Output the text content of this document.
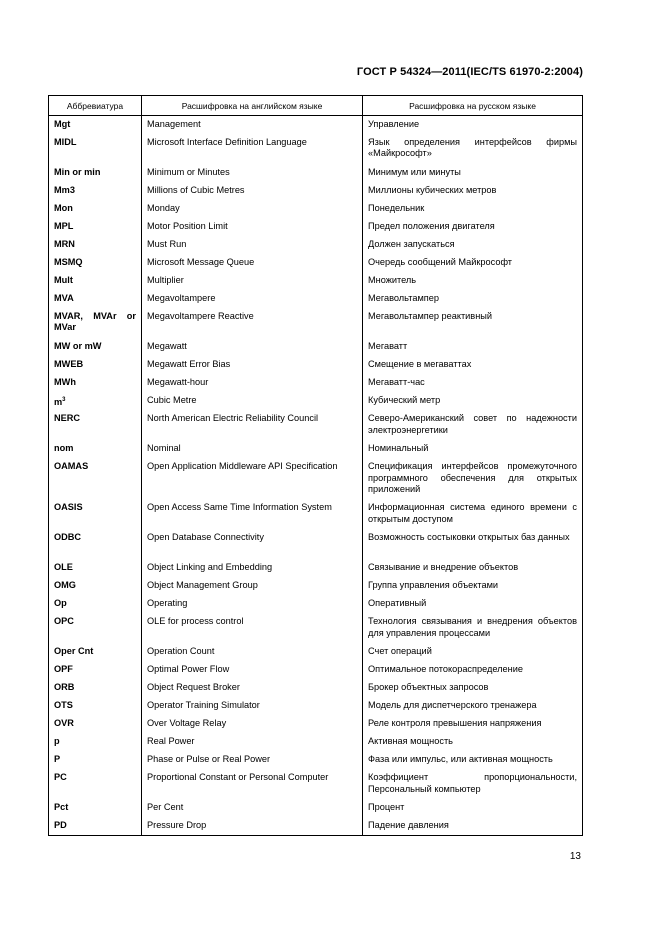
ГОСТ Р 54324—2011(IEC/TS 61970-2:2004)
Аббревиатура	Расшифровка на английском языке	Расшифровка на русском языке
Mgt	Management	Управление
MIDL	Microsoft Interface Definition Language	Язык определения интерфейсов фирмы «Майкрософт»
Min or min	Minimum or Minutes	Минимум или минуты
Mm3	Millions of Cubic Metres	Миллионы кубических метров
Mon	Monday	Понедельник
MPL	Motor Position Limit	Предел положения двигателя
MRN	Must Run	Должен запускаться
MSMQ	Microsoft Message Queue	Очередь сообщений Майкрософт
Mult	Multiplier	Множитель
MVA	Megavoltampere	Мегавольтампер
MVAR, MVAr or MVar	Megavoltampere Reactive	Мегавольтампер реактивный
MW or mW	Megawatt	Мегаватт
MWEB	Megawatt Error Bias	Смещение в мегаваттах
MWh	Megawatt-hour	Мегаватт-час
$m^3$	Cubic Metre	Кубический метр
NERC	North American Electric Reliability Council	Северо-Американский совет по надежности электроэнергетики
nom	Nominal	Номинальный
OAMAS	Open Application Middleware API Specification	Спецификация интерфейсов промежуточного программного обеспечения для открытых приложений
OASIS	Open Access Same Time Information System	Информационная система единого времени с открытым доступом
ODBC	Open Database Connectivity	Возможность состыковки открытых баз данных
OLE	Object Linking and Embedding	Связывание и внедрение объектов
OMG	Object Management Group	Группа управления объектами
Op	Operating	Оперативный
OPC	OLE for process control	Технология связывания и внедрения объектов для управления процессами
Oper Cnt	Operation Count	Счет операций
OPF	Optimal Power Flow	Оптимальное потокораспределение
ORB	Object Request Broker	Брокер объектных запросов
OTS	Operator Training Simulator	Модель для диспетчерского тренажера
OVR	Over Voltage Relay	Реле контроля превышения напряжения
p	Real Power	Активная мощность
P	Phase or Pulse or Real Power	Фаза или импульс, или активная мощность
PC	Proportional Constant or Personal Computer	Коэффициент пропорциональности, Персональный компьютер
Pct	Per Cent	Процент
PD	Pressure Drop	Падение давления
13
